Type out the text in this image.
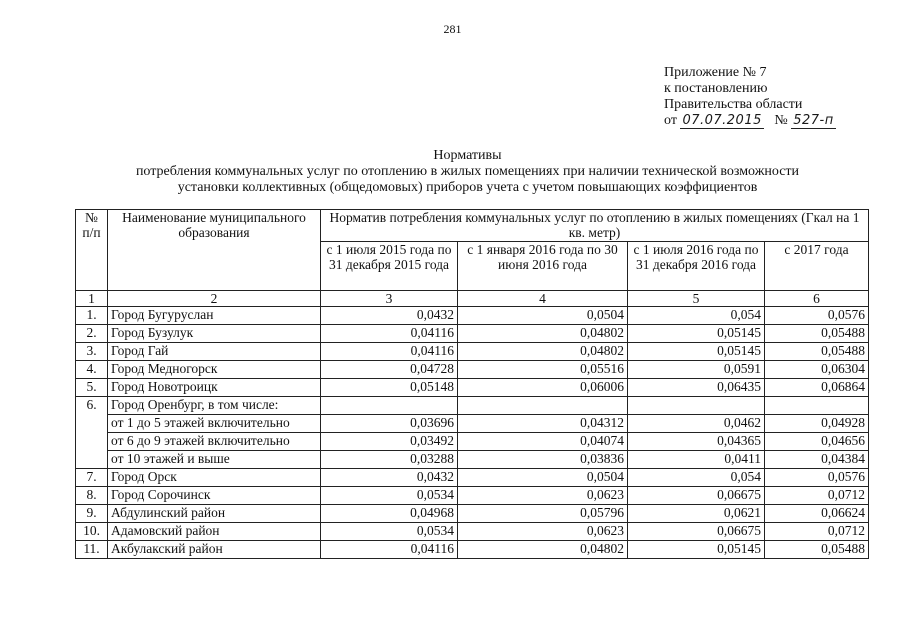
281
Приложение № 7
к постановлению
Правительства области
от 07.07.2015 № 527-п
Нормативы
потребления коммунальных услуг по отоплению в жилых помещениях при наличии технической возможности
установки коллективных (общедомовых) приборов учета с учетом повышающих коэффициентов
№ п/п	Наименование муниципального образования	Норматив потребления коммунальных услуг по отоплению в жилых помещениях (Гкал на 1 кв. метр)			
		с 1 июля 2015 года по 31 декабря 2015 года	с 1 января 2016 года по 30 июня 2016 года	с 1 июля 2016 года по 31 декабря 2016 года	с 2017 года
1	2	3	4	5	6
1.	Город Бугуруслан	0,0432	0,0504	0,054	0,0576
2.	Город Бузулук	0,04116	0,04802	0,05145	0,05488
3.	Город Гай	0,04116	0,04802	0,05145	0,05488
4.	Город Медногорск	0,04728	0,05516	0,0591	0,06304
5.	Город Новотроицк	0,05148	0,06006	0,06435	0,06864
6.	Город Оренбург, в том числе:				
	от 1 до 5 этажей включительно	0,03696	0,04312	0,0462	0,04928
	от 6 до 9 этажей включительно	0,03492	0,04074	0,04365	0,04656
	от 10 этажей и выше	0,03288	0,03836	0,0411	0,04384
7.	Город Орск	0,0432	0,0504	0,054	0,0576
8.	Город Сорочинск	0,0534	0,0623	0,06675	0,0712
9.	Абдулинский район	0,04968	0,05796	0,0621	0,06624
10.	Адамовский район	0,0534	0,0623	0,06675	0,0712
11.	Акбулакский район	0,04116	0,04802	0,05145	0,05488
